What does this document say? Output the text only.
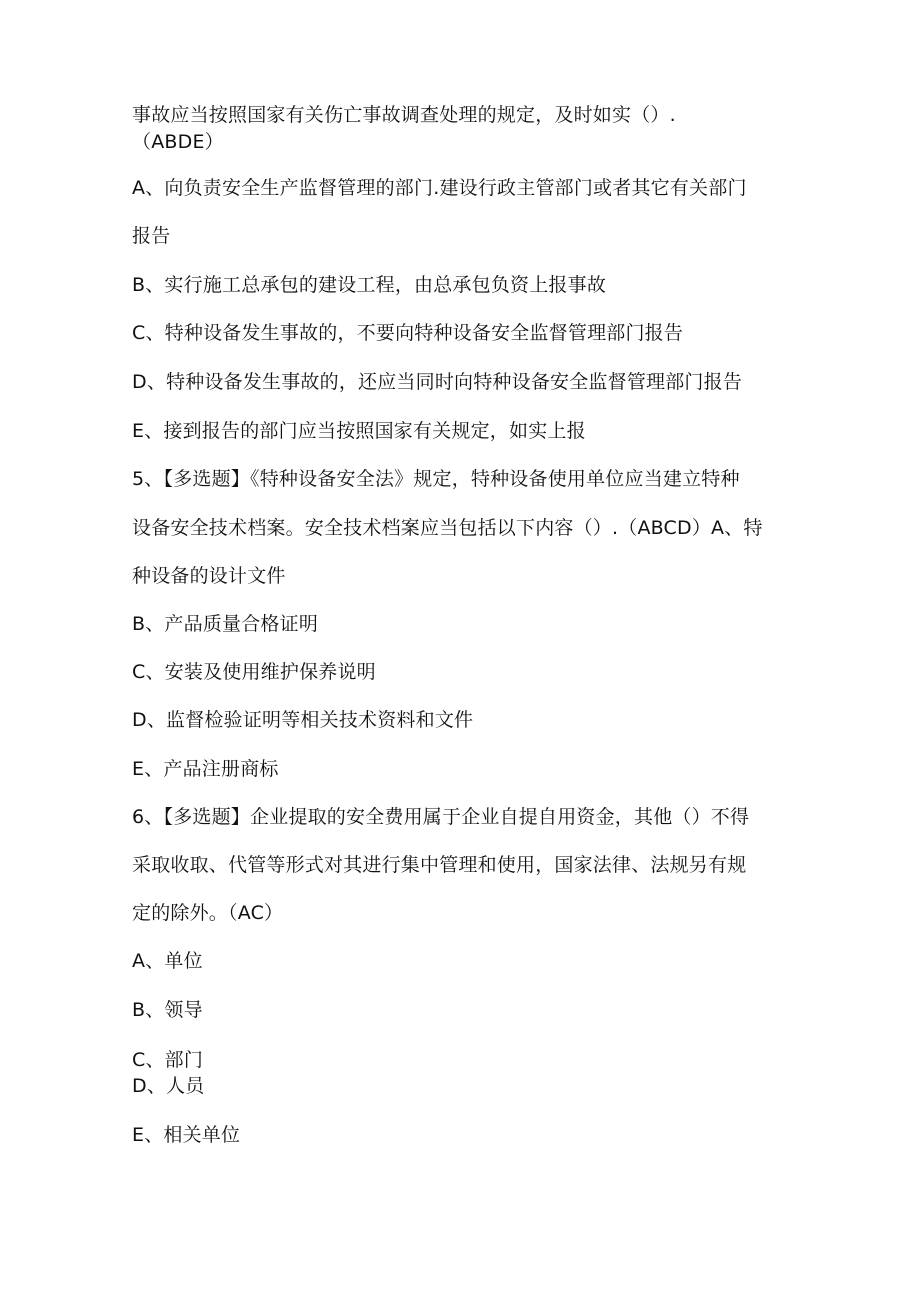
事故应当按照国家有关伤亡事故调查处理的规定，及时如实（）.
（ABDE）
A、向负责安全生产监督管理的部门.建设行政主管部门或者其它有关部门
报告
B、实行施工总承包的建设工程，由总承包负资上报事故
C、特种设备发生事故的，不要向特种设备安全监督管理部门报告
D、特种设备发生事故的，还应当同时向特种设备安全监督管理部门报告
E、接到报告的部门应当按照国家有关规定，如实上报
5、【多选题】《特种设备安全法》规定，特种设备使用单位应当建立特种
设备安全技术档案。安全技术档案应当包括以下内容（）.（ABCD）A、特
种设备的设计文件
B、产品质量合格证明
C、安装及使用维护保养说明
D、监督检验证明等相关技术资料和文件
E、产品注册商标
6、【多选题】企业提取的安全费用属于企业自提自用资金，其他（）不得
采取收取、代管等形式对其进行集中管理和使用，国家法律、法规另有规
定的除外。（AC）
A、单位
B、领导
C、部门
D、人员
E、相关单位
